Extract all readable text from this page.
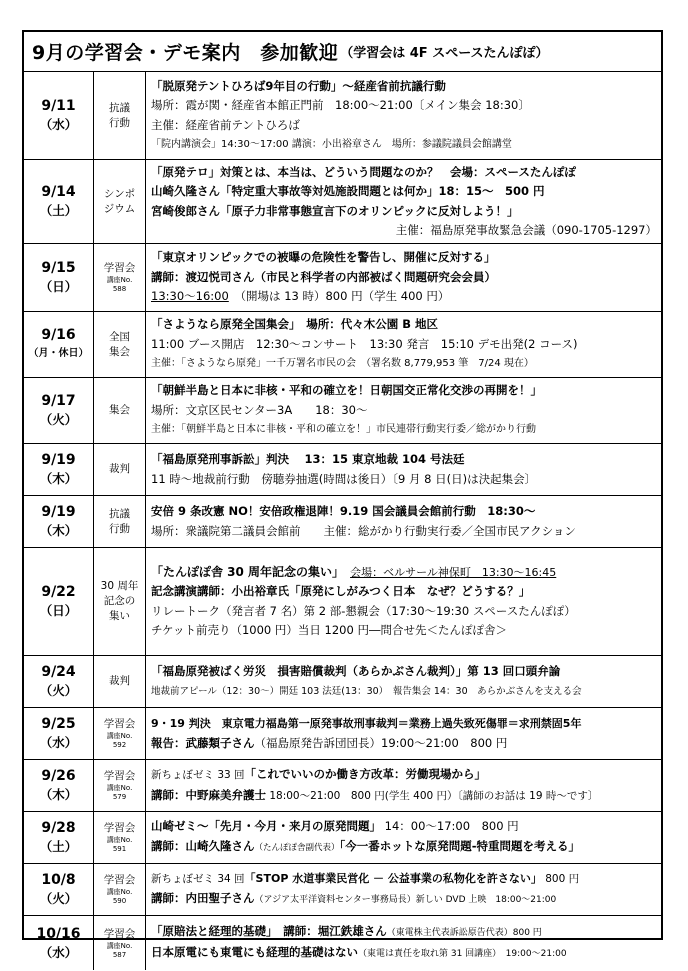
9月の学習会・デモ案内　参加歓迎 （学習会は 4F スペースたんぽぽ）
9/11
（水）
抗議
行動
「脱原発テントひろば9年目の行動」～経産省前抗議行動
場所：霞が関・経産省本館正門前　18:00～21:00〔メイン集会 18:30〕
主催：経産省前テントひろば
「院内講演会」14:30～17:00 講演：小出裕章さん　場所：参議院議員会館講堂
9/14
（土）
シンポ
ジウム
「原発テロ」対策とは、本当は、どういう問題なのか？　会場：スペースたんぽぽ
山崎久隆さん「特定重大事故等対処施設問題とは何か」18：15～　500 円
宮崎俊郎さん「原子力非常事態宣言下のオリンピックに反対しよう！」
主催：福島原発事故緊急会議（090-1705-1297）
9/15
（日）
学習会
講座No.
588
「東京オリンピックでの被曝の危険性を警告し、開催に反対する」
講師：渡辺悦司さん（市民と科学者の内部被ばく問題研究会会員）
13:30～16:00　 （開場は 13 時）800 円（学生 400 円）
9/16
（月・休日）
全国
集会
「さようなら原発全国集会」　場所：代々木公園 B 地区
11:00 ブース開店　12:30～コンサート　13:30 発言　15:10 デモ出発(2 コース)
主催：「さようなら原発」一千万署名市民の会　（署名数 8,779,953 筆　7/24 現在）
9/17
（火）
集会
「朝鮮半島と日本に非核・平和の確立を！日朝国交正常化交渉の再開を！」
場所：文京区民センター3A　　18：30～
主催：「朝鮮半島と日本に非核・平和の確立を！」市民連帯行動実行委／総がかり行動
9/19
（木）
裁判
「福島原発刑事訴訟」判決　 13：15 東京地裁 104 号法廷
11 時～地裁前行動　傍聴券抽選(時間は後日）〔9 月 8 日(日)は決起集会〕
9/19
（木）
抗議
行動
安倍 9 条改憲 NO！安倍政権退陣！9.19 国会議員会館前行動　18:30～
場所：衆議院第二議員会館前　　主催：総がかり行動実行委／全国市民アクション
9/22
（日）
30 周年
記念の
集い
「たんぽぽ舎 30 周年記念の集い」　 会場：ベルサール神保町　13:30～16:45
記念講演講師：小出裕章氏「原発にしがみつく日本　なぜ？どうする？」
リレートーク（発言者 7 名）第 2 部-懇親会（17:30～19:30 スペースたんぽぽ）
チケット前売り（1000 円）当日 1200 円―問合せ先＜たんぽぽ舎＞
9/24
（火）
裁判
「福島原発被ばく労災　損害賠償裁判（あらかぶさん裁判）」第 13 回口頭弁論
地裁前アピール（12：30～）開廷 103 法廷(13：30）　報告集会 14：30　あらかぶさんを支える会
9/25
（水）
学習会
講座No.
592
9・19 判決　東京電力福島第一原発事故刑事裁判＝業務上過失致死傷罪＝求刑禁固5年
報告：武藤類子さん（福島原発告訴団団長）19:00～21:00　800 円
9/26
（木）
学習会
講座No.
579
新ちょぼゼミ 33 回「これでいいのか働き方改革：労働現場から」
講師：中野麻美弁護士 18:00～21:00　800 円(学生 400 円）〔講師のお話は 19 時～です〕
9/28
（土）
学習会
講座No.
591
山崎ゼミ～「先月・今月・来月の原発問題」 14：00～17:00　800 円
講師：山崎久隆さん（たんぽぽ舎副代表）「今一番ホットな原発問題-特重問題を考える」
10/8
（火）
学習会
講座No.
590
新ちょぼゼミ 34 回「STOP 水道事業民営化 － 公益事業の私物化を許さない」 800 円
講師：内田聖子さん（アジア太平洋資料センター事務局長）新しい DVD 上映　18:00～21:00
10/16
（水）
学習会
講座No.
587
「原賠法と経理的基礎」　 講師：堀江鉄雄さん（東電株主代表訴訟原告代表）800 円
日本原電にも東電にも経理的基礎はない（東電は責任を取れ第 31 回講座）　19:00～21:00
